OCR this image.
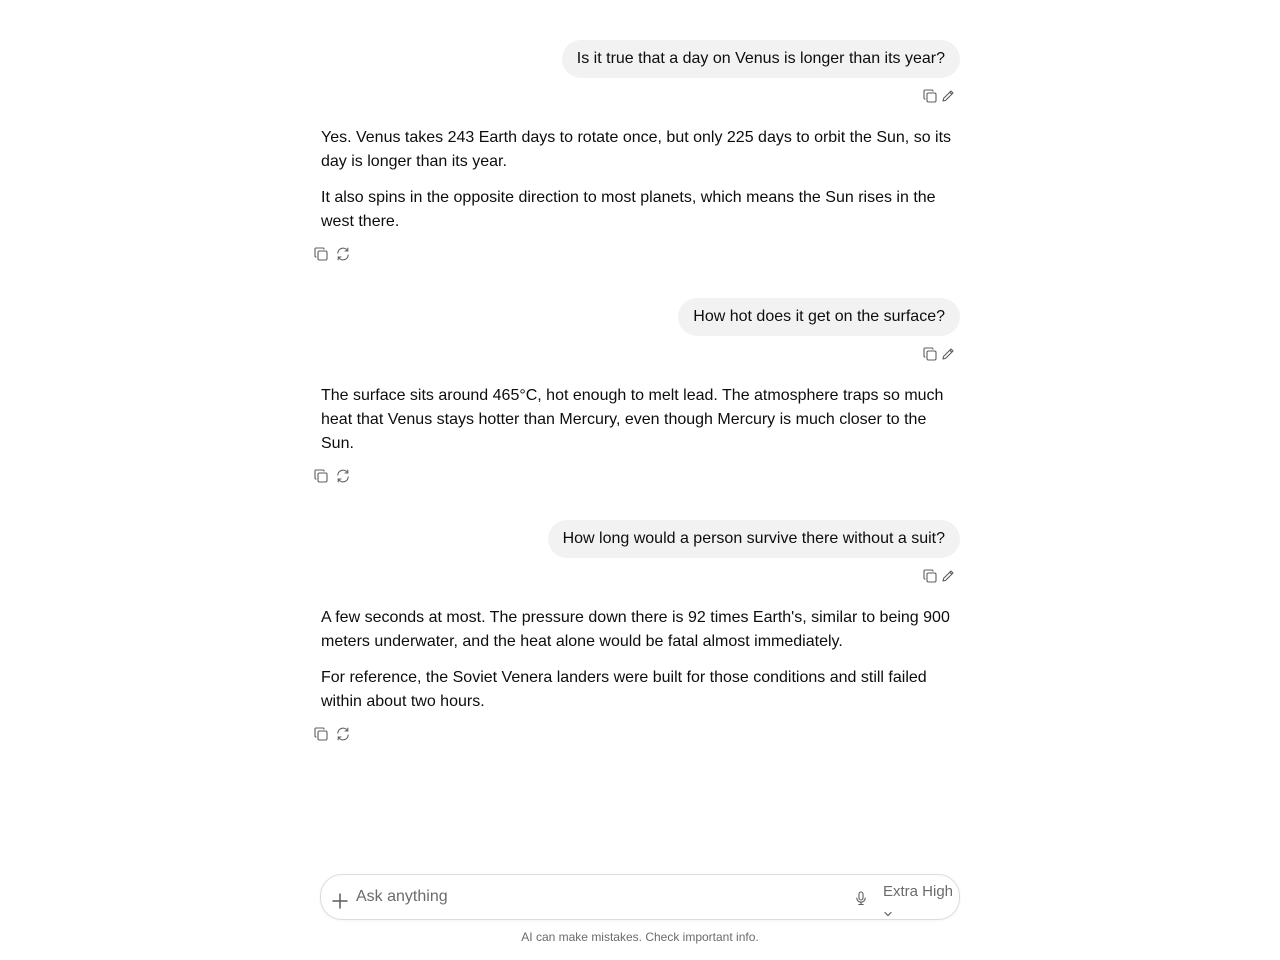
Is it true that a day on Venus is longer than its year?

Yes. Venus takes 243 Earth days to rotate once, but only 225 days to orbit the Sun, so its day is longer than its year.

It also spins in the opposite direction to most planets, which means the Sun rises in the west there.

How hot does it get on the surface?

The surface sits around 465°C, hot enough to melt lead. The atmosphere traps so much heat that Venus stays hotter than Mercury, even though Mercury is much closer to the Sun.

How long would a person survive there without a suit?

A few seconds at most. The pressure down there is 92 times Earth's, similar to being 900 meters underwater, and the heat alone would be fatal almost immediately.

For reference, the Soviet Venera landers were built for those conditions and still failed within about two hours.

Ask anything
Extra High
AI can make mistakes. Check important info.
